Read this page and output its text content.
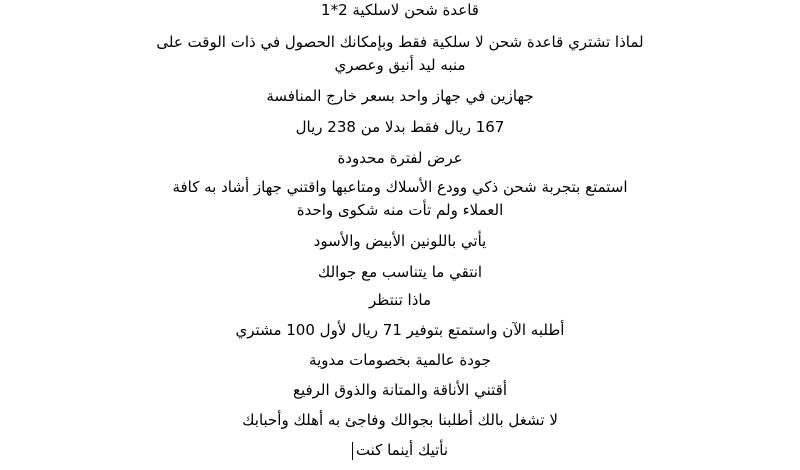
قاعدة شحن لاسلكية 2*1
لماذا تشتري قاعدة شحن لا سلكية فقط وبإمكانك الحصول في ذات الوقت على
منبه ليد أنيق وعصري
جهازين في جهاز واحد بسعر خارج المنافسة
167 ريال فقط بدلا من 238 ريال
عرض لفترة محدودة
استمتع بتجربة شحن ذكي وودع الأسلاك ومتاعبها واقتني جهاز أشاد به كافة
العملاء ولم تأت منه شكوى واحدة
يأتي باللونين الأبيض والأسود
انتقي ما يتناسب مع جوالك
ماذا تنتظر
أطلبه الآن واستمتع بتوفير 71 ريال لأول 100 مشتري
جودة عالمية بخصومات مدوية
أقتني الأناقة والمتانة والذوق الرفيع
لا تشغل بالك أطلبنا بجوالك وفاجئ به أهلك وأحبابك
نأتيك أينما كنت
